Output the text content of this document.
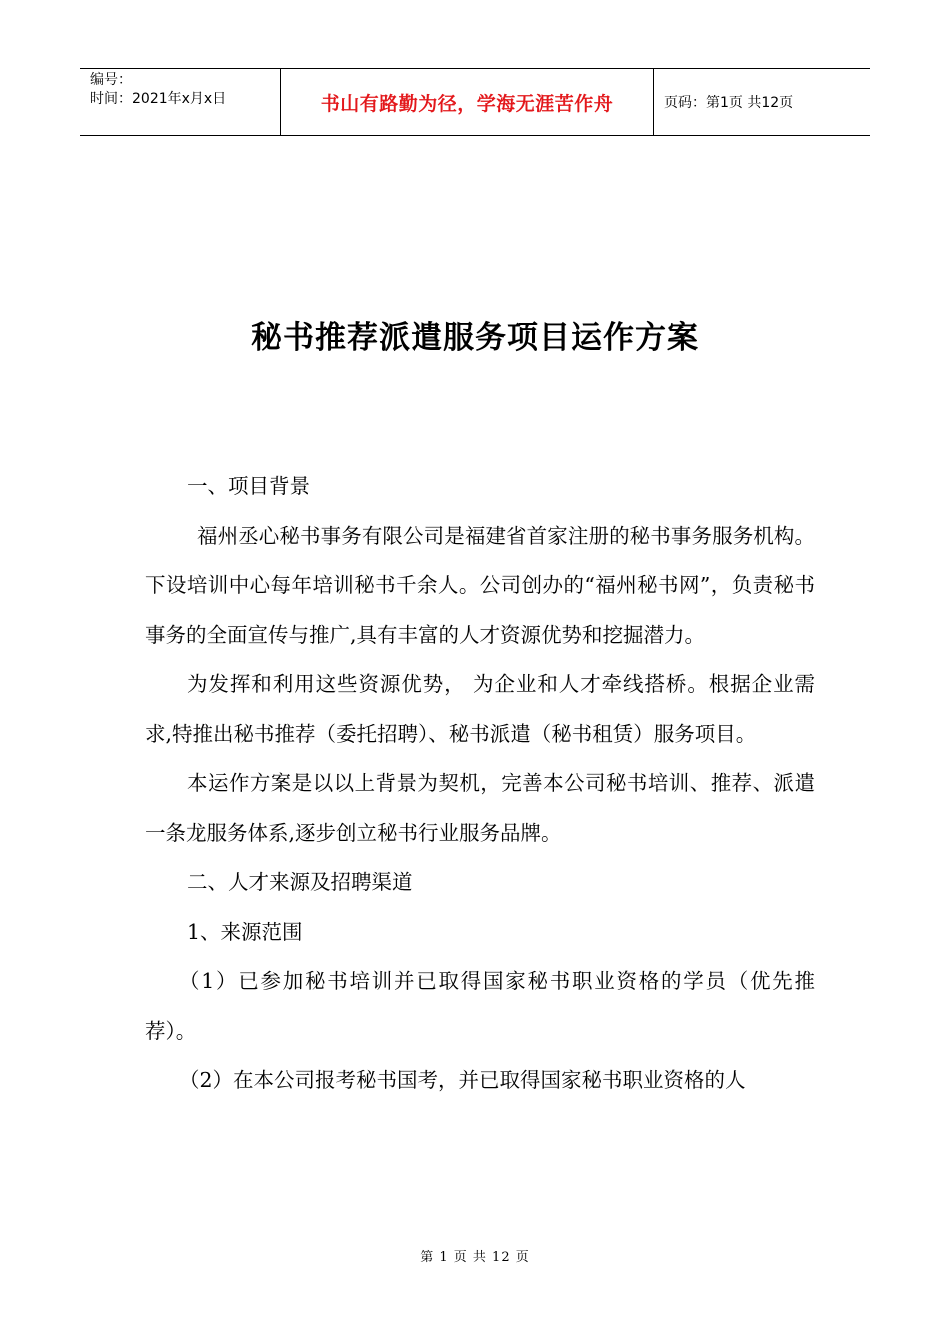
编号：
时间：2021年x月x日	书山有路勤为径，学海无涯苦作舟	页码：第1页 共12页
秘书推荐派遣服务项目运作方案

一、项目背景

福州丞心秘书事务有限公司是福建省首家注册的秘书事务服务机构。下设培训中心每年培训秘书千余人。公司创办的“福州秘书网”，负责秘书事务的全面宣传与推广,具有丰富的人才资源优势和挖掘潜力。

为发挥和利用这些资源优势， 为企业和人才牵线搭桥。根据企业需求,特推出秘书推荐（委托招聘）、秘书派遣（秘书租赁）服务项目。

本运作方案是以以上背景为契机，完善本公司秘书培训、推荐、派遣一条龙服务体系,逐步创立秘书行业服务品牌。

二、人才来源及招聘渠道

1、来源范围

（1）已参加秘书培训并已取得国家秘书职业资格的学员（优先推荐）。

（2）在本公司报考秘书国考，并已取得国家秘书职业资格的人

第 1 页 共 12 页
